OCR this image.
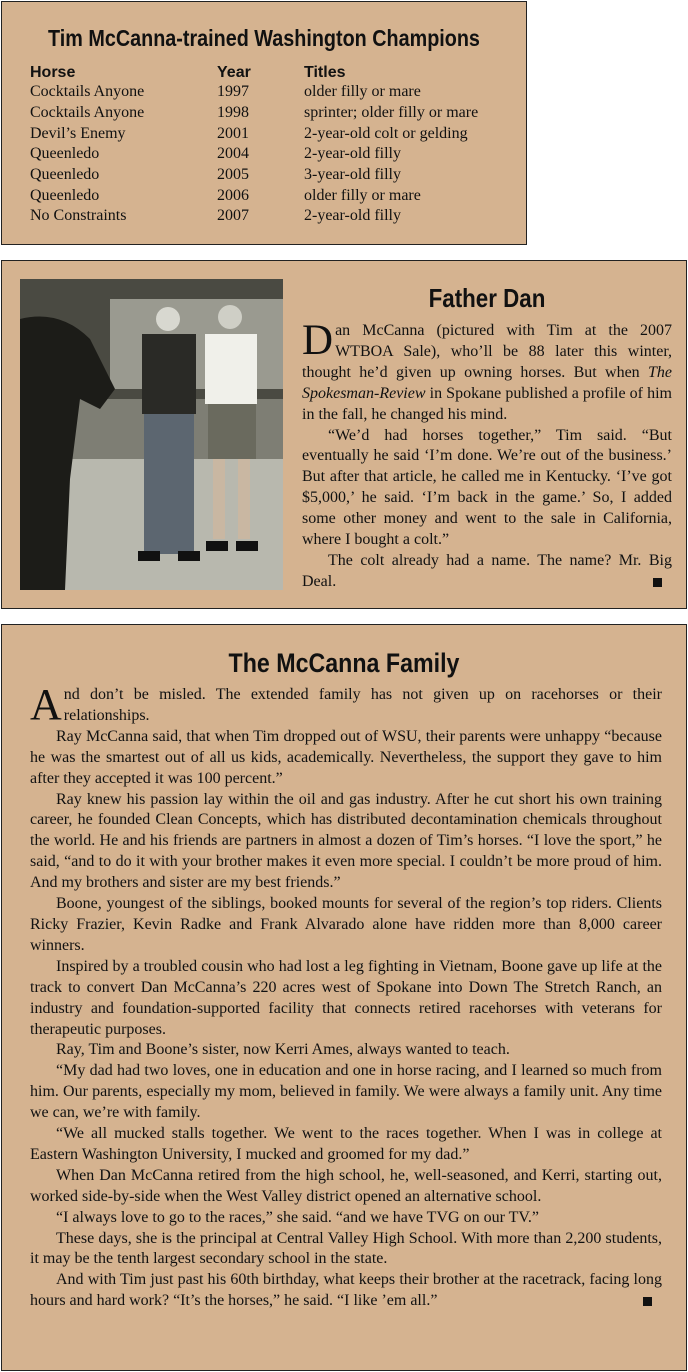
Tim McCanna-trained Washington Champions
Horse	Year	Titles
Cocktails Anyone	1997	older filly or mare
Cocktails Anyone	1998	sprinter; older filly or mare
Devil’s Enemy	2001	2-year-old colt or gelding
Queenledo	2004	2-year-old filly
Queenledo	2005	3-year-old filly
Queenledo	2006	older filly or mare
No Constraints	2007	2-year-old filly
Father Dan

Dan McCanna (pictured with Tim at the 2007 WTBOA Sale), who’ll be 88 later this winter, thought he’d given up owning horses. But when The Spokesman-Review in Spokane published a profile of him in the fall, he changed his mind.

“We’d had horses together,” Tim said. “But eventually he said ‘I’m done. We’re out of the business.’ But after that article, he called me in Kentucky. ‘I’ve got $5,000,’ he said. ‘I’m back in the game.’ So, I added some other money and went to the sale in California, where I bought a colt.”

The colt already had a name. The name? Mr. Big Deal.

The McCanna Family

And don’t be misled. The extended family has not given up on racehorses or their relationships.

Ray McCanna said, that when Tim dropped out of WSU, their parents were unhappy “because he was the smartest out of all us kids, academically. Nevertheless, the support they gave to him after they accepted it was 100 percent.”

Ray knew his passion lay within the oil and gas industry. After he cut short his own training career, he founded Clean Concepts, which has distributed decontamination chemicals throughout the world. He and his friends are partners in almost a dozen of Tim’s horses. “I love the sport,” he said, “and to do it with your brother makes it even more special. I couldn’t be more proud of him. And my brothers and sister are my best friends.”

Boone, youngest of the siblings, booked mounts for several of the region’s top riders. Clients Ricky Frazier, Kevin Radke and Frank Alvarado alone have ridden more than 8,000 career winners.

Inspired by a troubled cousin who had lost a leg fighting in Vietnam, Boone gave up life at the track to convert Dan McCanna’s 220 acres west of Spokane into Down The Stretch Ranch, an industry and foundation-supported facility that connects retired racehorses with veterans for therapeutic purposes.

Ray, Tim and Boone’s sister, now Kerri Ames, always wanted to teach.

“My dad had two loves, one in education and one in horse racing, and I learned so much from him. Our parents, especially my mom, believed in family. We were always a family unit. Any time we can, we’re with family.

“We all mucked stalls together. We went to the races together. When I was in college at Eastern Washington University, I mucked and groomed for my dad.”

When Dan McCanna retired from the high school, he, well-seasoned, and Kerri, starting out, worked side-by-side when the West Valley district opened an alternative school.

“I always love to go to the races,” she said. “and we have TVG on our TV.”

These days, she is the principal at Central Valley High School. With more than 2,200 students, it may be the tenth largest secondary school in the state.

And with Tim just past his 60th birthday, what keeps their brother at the racetrack, facing long hours and hard work? “It’s the horses,” he said. “I like ’em all.”
